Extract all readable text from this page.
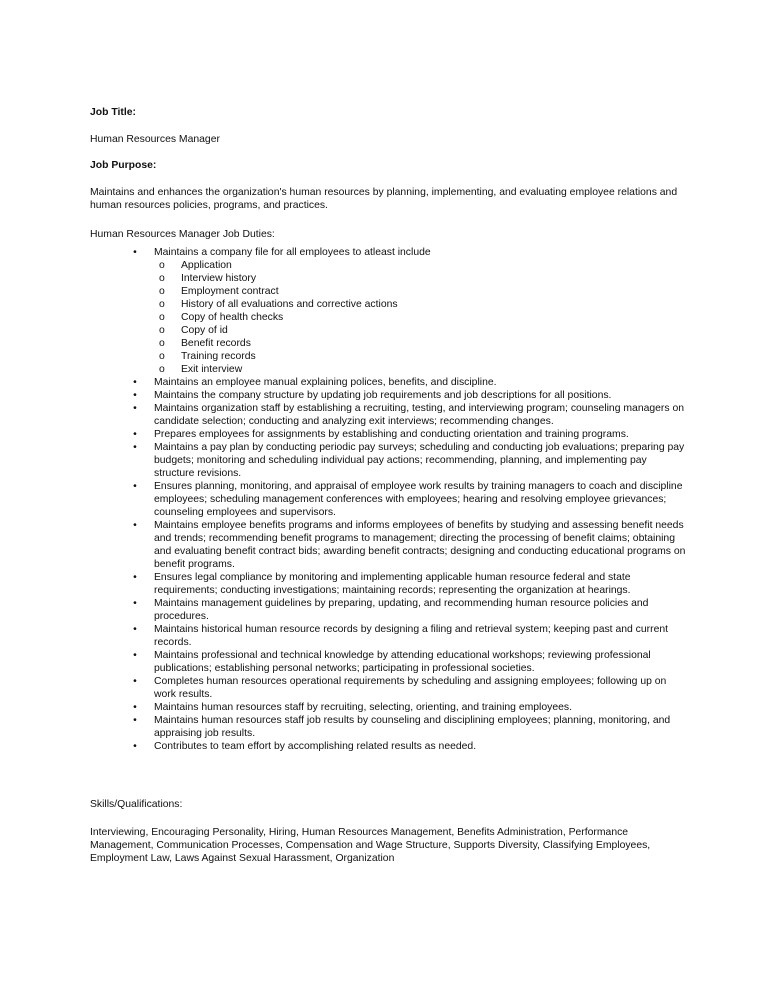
Job Title:
Human Resources Manager
Job Purpose:
Maintains and enhances the organization's human resources by planning, implementing, and evaluating employee relations and human resources policies, programs, and practices.
Human Resources Manager Job Duties:
•	Maintains a company file for all employees to atleast include
o Application
o Interview history
o Employment contract
o History of all evaluations and corrective actions
o Copy of health checks
o Copy of id
o Benefit records
o Training records
o Exit interview
•	Maintains an employee manual explaining polices, benefits, and discipline.
•	Maintains the company structure by updating job requirements and job descriptions for all positions.
•	Maintains organization staff by establishing a recruiting, testing, and interviewing program; counseling managers on candidate selection; conducting and analyzing exit interviews; recommending changes.
•	Prepares employees for assignments by establishing and conducting orientation and training programs.
•	Maintains a pay plan by conducting periodic pay surveys; scheduling and conducting job evaluations; preparing pay budgets; monitoring and scheduling individual pay actions; recommending, planning, and implementing pay structure revisions.
•	Ensures planning, monitoring, and appraisal of employee work results by training managers to coach and discipline employees; scheduling management conferences with employees; hearing and resolving employee grievances; counseling employees and supervisors.
•	Maintains employee benefits programs and informs employees of benefits by studying and assessing benefit needs and trends; recommending benefit programs to management; directing the processing of benefit claims; obtaining and evaluating benefit contract bids; awarding benefit contracts; designing and conducting educational programs on benefit programs.
•	Ensures legal compliance by monitoring and implementing applicable human resource federal and state requirements; conducting investigations; maintaining records; representing the organization at hearings.
•	Maintains management guidelines by preparing, updating, and recommending human resource policies and procedures.
•	Maintains historical human resource records by designing a filing and retrieval system; keeping past and current records.
•	Maintains professional and technical knowledge by attending educational workshops; reviewing professional publications; establishing personal networks; participating in professional societies.
•	Completes human resources operational requirements by scheduling and assigning employees; following up on work results.
•	Maintains human resources staff by recruiting, selecting, orienting, and training employees.
•	Maintains human resources staff job results by counseling and disciplining employees; planning, monitoring, and appraising job results.
•	Contributes to team effort by accomplishing related results as needed.
Skills/Qualifications:
Interviewing, Encouraging Personality, Hiring, Human Resources Management, Benefits Administration, Performance Management, Communication Processes, Compensation and Wage Structure, Supports Diversity, Classifying Employees, Employment Law, Laws Against Sexual Harassment, Organization
